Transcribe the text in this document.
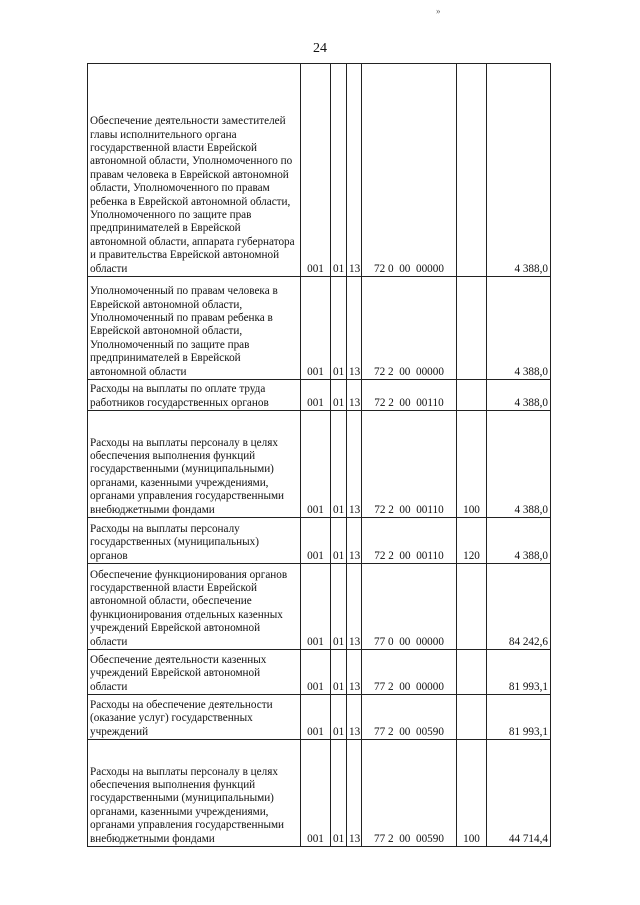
»
24
Обеспечение деятельности заместителей главы исполнительного органа государственной власти Еврейской автономной области, Уполномоченного по правам человека в Еврейской автономной области, Уполномоченного по правам ребенка в Еврейской автономной области, Уполномоченного по защите прав предпринимателей в Еврейской автономной области, аппарата губернатора и правительства Еврейской автономной области	001	01	13	72 0  00  00000		4 388,0
Уполномоченный по правам человека в Еврейской автономной области, Уполномоченный по правам ребенка в Еврейской автономной области, Уполномоченный по защите прав предпринимателей в Еврейской автономной области	001	01	13	72 2  00  00000		4 388,0
Расходы на выплаты по оплате труда работников государственных органов	001	01	13	72 2  00  00110		4 388,0
Расходы на выплаты персоналу в целях обеспечения выполнения функций государственными (муниципальными) органами, казенными учреждениями, органами управления государственными внебюджетными фондами	001	01	13	72 2  00  00110	100	4 388,0
Расходы на выплаты персоналу государственных (муниципальных) органов	001	01	13	72 2  00  00110	120	4 388,0
Обеспечение функционирования органов государственной власти Еврейской автономной области, обеспечение функционирования отдельных казенных учреждений Еврейской автономной области	001	01	13	77 0  00  00000		84 242,6
Обеспечение деятельности казенных учреждений Еврейской автономной области	001	01	13	77 2  00  00000		81 993,1
Расходы на обеспечение деятельности (оказание услуг) государственных учреждений	001	01	13	77 2  00  00590		81 993,1
Расходы на выплаты персоналу в целях обеспечения выполнения функций государственными (муниципальными) органами, казенными учреждениями, органами управления государственными внебюджетными фондами	001	01	13	77 2  00  00590	100	44 714,4
